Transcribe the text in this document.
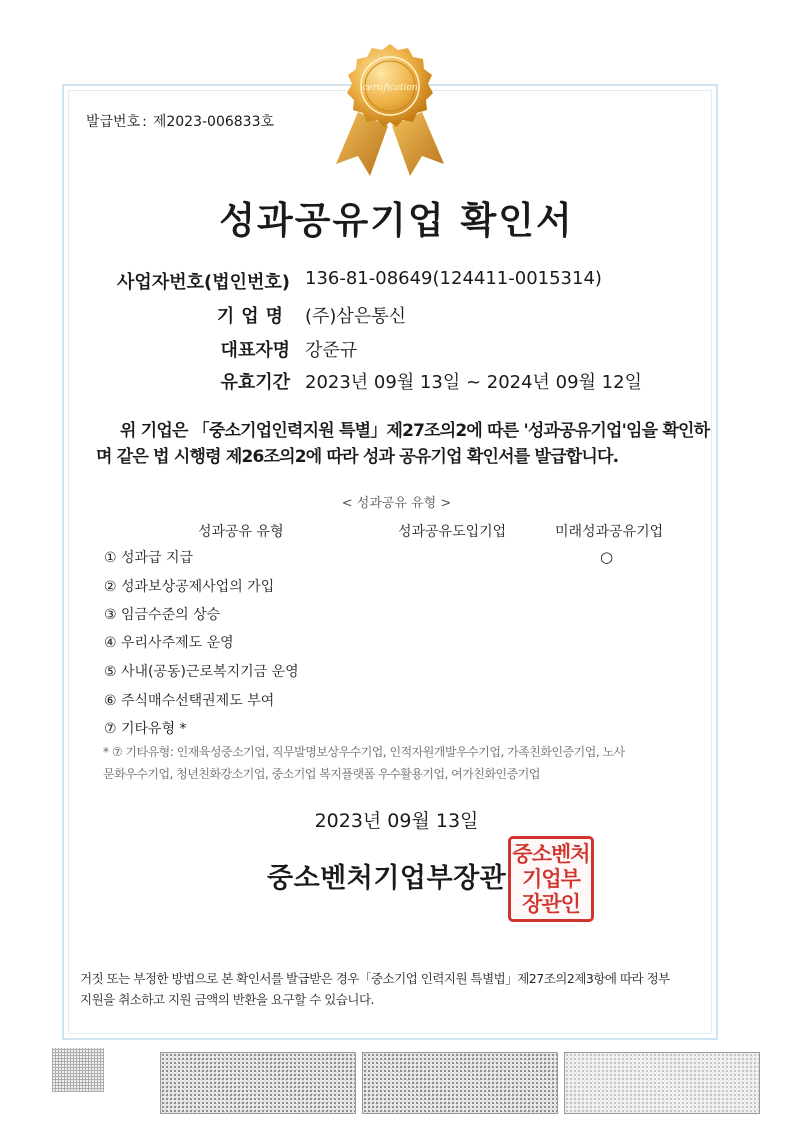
발급번호 : 제2023-006833호
certification
성과공유기업 확인서
사업자번호(법인번호) 136-81-08649(124411-0015314)
기업명 (주)삼은통신
대표자명 강준규
유효기간 2023년 09월 13일 ~ 2024년 09월 12일

위 기업은 「중소기업인력지원 특별」제27조의2에 따른 '성과공유기업'임을 확인하

며 같은 법 시행령 제26조의2에 따라 성과 공유기업 확인서를 발급합니다.

< 성과공유 유형 >
성과공유 유형	성과공유도입기업	미래성과공유기업
① 성과급 지급
② 성과보상공제사업의 가입
③ 임금수준의 상승
④ 우리사주제도 운영
⑤ 사내(공동)근로복지기금 운영
⑥ 주식매수선택권제도 부여
⑦ 기타유형 *
○

* ⑦ 기타유형: 인재육성중소기업, 직무발명보상우수기업, 인적자원개발우수기업, 가족친화인증기업, 노사

문화우수기업, 청년친화강소기업, 중소기업 복지플랫폼 우수활용기업, 여가친화인증기업

2023년 09월 13일
중소벤처기업부장관
중소벤처
기업부
장관인

거짓 또는 부정한 방법으로 본 확인서를 발급받은 경우「중소기업 인력지원 특별법」제27조의2제3항에 따라 정부

지원을 취소하고 지원 금액의 반환을 요구할 수 있습니다.
